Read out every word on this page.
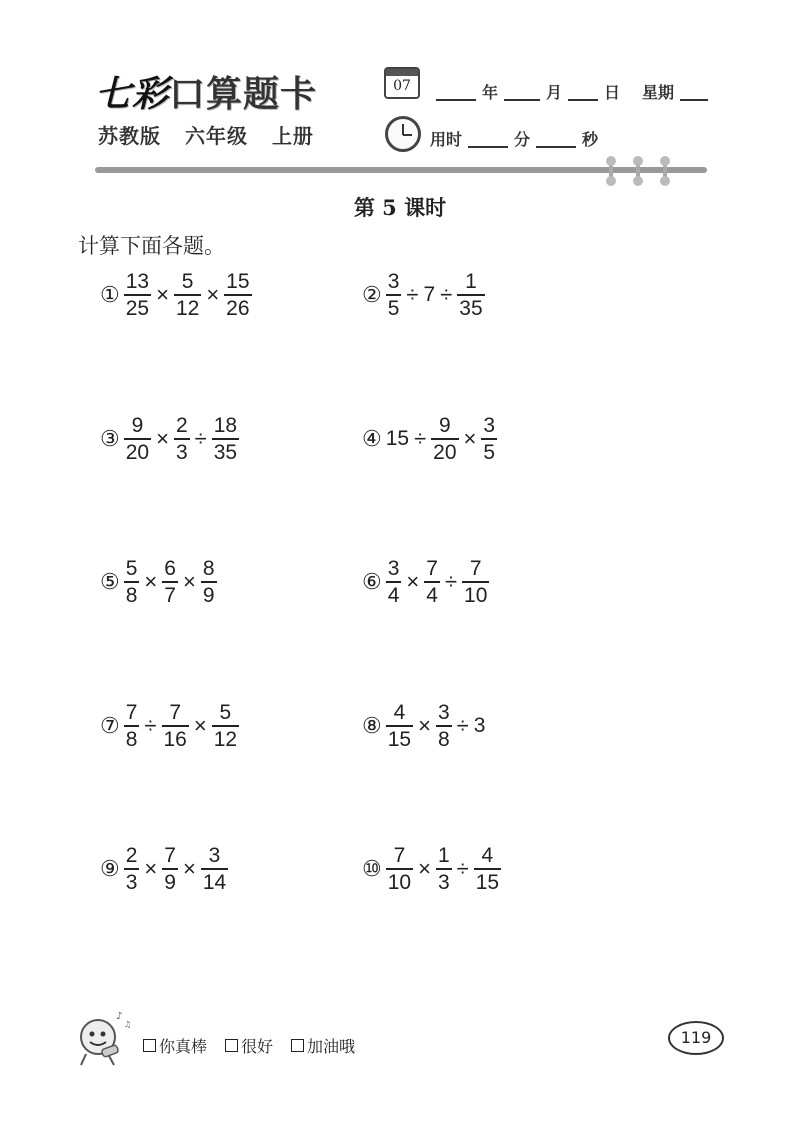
七彩口算题卡
苏教版 六年级 上册
07	年	月	日 星期
用时	分	秒
第 5 课时
计算下面各题。
① $\frac{13}{25} \times \frac{5}{12} \times \frac{15}{26}$	② $\frac{3}{5} \div 7 \div \frac{1}{35}$
③ $\frac{9}{20} \times \frac{2}{3} \div \frac{18}{35}$	④ $15 \div \frac{9}{20} \times \frac{3}{5}$
⑤ $\frac{5}{8} \times \frac{6}{7} \times \frac{8}{9}$	⑥ $\frac{3}{4} \times \frac{7}{4} \div \frac{7}{10}$
⑦ $\frac{7}{8} \div \frac{7}{16} \times \frac{5}{12}$	⑧ $\frac{4}{15} \times \frac{3}{8} \div 3$
⑨ $\frac{2}{3} \times \frac{7}{9} \times \frac{3}{14}$	⑩ $\frac{7}{10} \times \frac{1}{3} \div \frac{4}{15}$
♪
♫
你真棒 很好 加油哦	119
